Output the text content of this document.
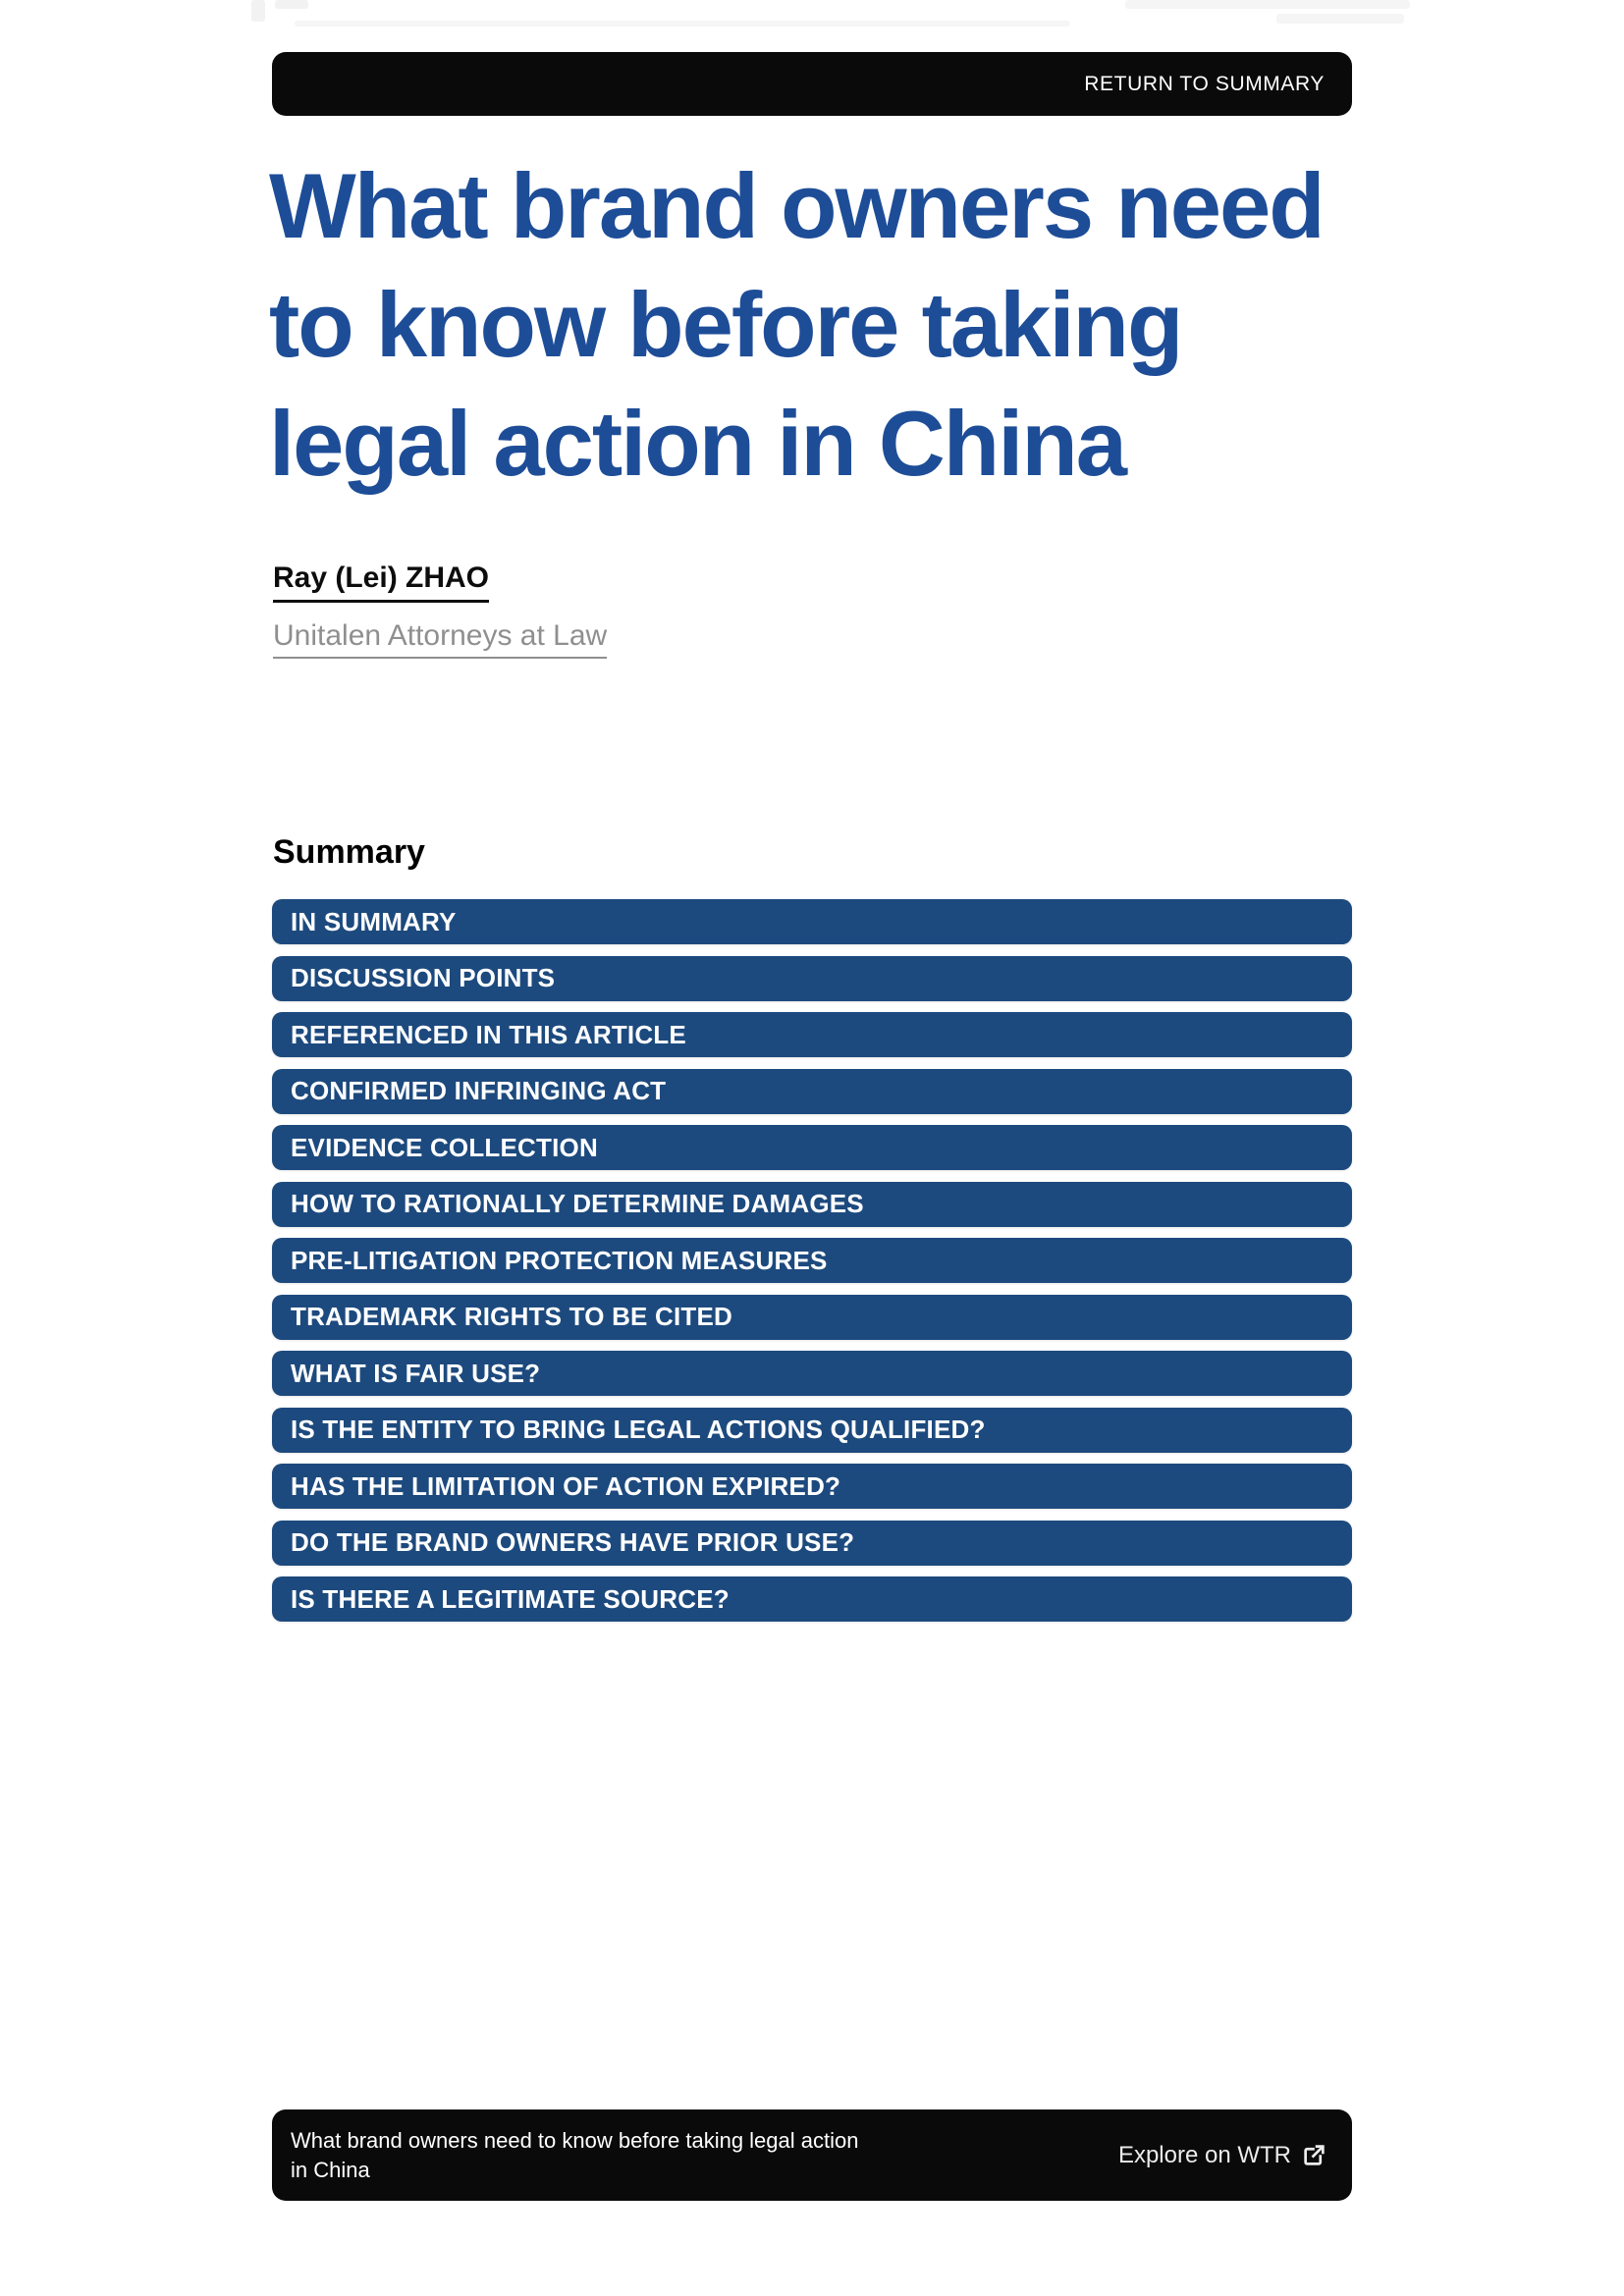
RETURN TO SUMMARY
What brand owners need
to know before taking
legal action in China
Ray (Lei) ZHAO
Unitalen Attorneys at Law
Summary
IN SUMMARY
DISCUSSION POINTS
REFERENCED IN THIS ARTICLE
CONFIRMED INFRINGING ACT
EVIDENCE COLLECTION
HOW TO RATIONALLY DETERMINE DAMAGES
PRE-LITIGATION PROTECTION MEASURES
TRADEMARK RIGHTS TO BE CITED
WHAT IS FAIR USE?
IS THE ENTITY TO BRING LEGAL ACTIONS QUALIFIED?
HAS THE LIMITATION OF ACTION EXPIRED?
DO THE BRAND OWNERS HAVE PRIOR USE?
IS THERE A LEGITIMATE SOURCE?
What brand owners need to know before taking legal action
in China
Explore on WTR
